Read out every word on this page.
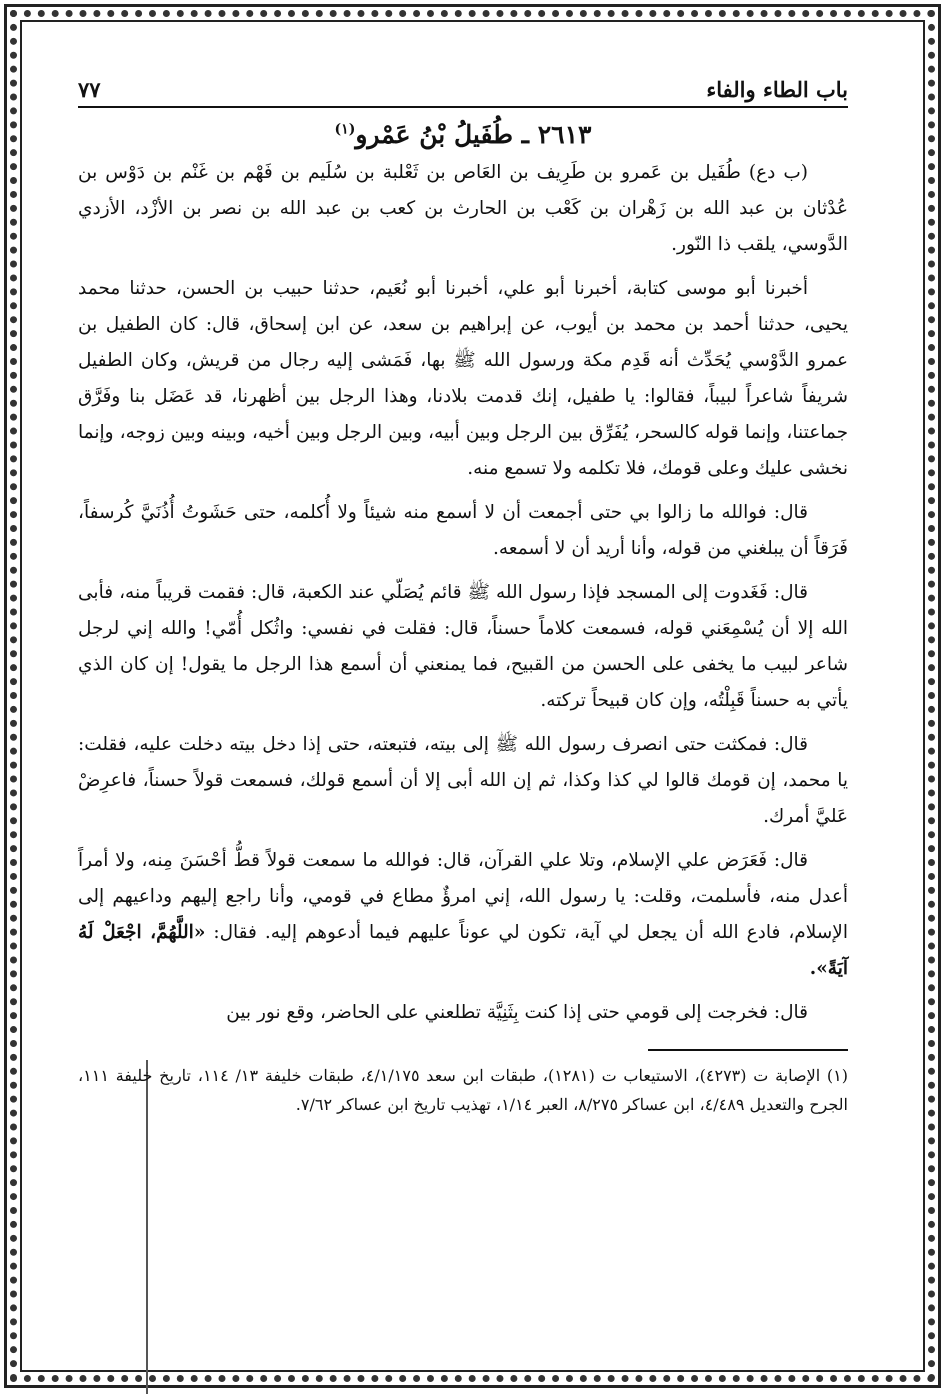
باب الطاء والفاء
٧٧
٢٦١٣ ـ طُفَيلُ بْنُ عَمْرو$^{(١)}$

(ب دع) طُفَيل بن عَمرو بن طَرِيف بن العَاص بن ثَعْلبة بن سُلَيم بن فَهْم بن غَنْم بن دَوْس بن عُدْثان بن عبد الله بن زَهْران بن كَعْب بن الحارث بن كعب بن عبد الله بن نصر بن الأزْد، الأزدي الدَّوسي، يلقب ذا النّور.

أخبرنا أبو موسى كتابة، أخبرنا أبو علي، أخبرنا أبو نُعَيم، حدثنا حبيب بن الحسن، حدثنا محمد يحيى، حدثنا أحمد بن محمد بن أيوب، عن إبراهيم بن سعد، عن ابن إسحاق، قال: كان الطفيل بن عمرو الدَّوْسي يُحَدِّث أنه قَدِم مكة ورسول الله ﷺ بها، فَمَشى إليه رجال من قريش، وكان الطفيل شريفاً شاعراً لبيباً، فقالوا: يا طفيل، إنك قدمت بلادنا، وهذا الرجل بين أظهرنا، قد عَضَل بنا وفَرَّق جماعتنا، وإنما قوله كالسحر، يُفَرِّق بين الرجل وبين أبيه، وبين الرجل وبين أخيه، وبينه وبين زوجه، وإنما نخشى عليك وعلى قومك، فلا تكلمه ولا تسمع منه.

قال: فوالله ما زالوا بي حتى أجمعت أن لا أسمع منه شيئاً ولا أُكلمه، حتى حَشَوتُ أُذُنَيَّ كُرسفاً، فَرَقاً أن يبلغني من قوله، وأنا أريد أن لا أسمعه.

قال: فَغَدوت إلى المسجد فإذا رسول الله ﷺ قائم يُصَلّي عند الكعبة، قال: فقمت قريباً منه، فأبى الله إلا أن يُسْمِعَني قوله، فسمعت كلاماً حسناً، قال: فقلت في نفسي: واثُكل أُمّي! والله إني لرجل شاعر لبيب ما يخفى على الحسن من القبيح، فما يمنعني أن أسمع هذا الرجل ما يقول! إن كان الذي يأتي به حسناً قَبِلْتُه، وإن كان قبيحاً تركته.

قال: فمكثت حتى انصرف رسول الله ﷺ إلى بيته، فتبعته، حتى إذا دخل بيته دخلت عليه، فقلت: يا محمد، إن قومك قالوا لي كذا وكذا، ثم إن الله أبى إلا أن أسمع قولك، فسمعت قولاً حسناً، فاعرِضْ عَليَّ أمرك.

قال: فَعَرَض علي الإسلام، وتلا علي القرآن، قال: فوالله ما سمعت قولاً قطُّ أحْسَنَ مِنه، ولا أمراً أعدل منه، فأسلمت، وقلت: يا رسول الله، إني امرؤٌ مطاع في قومي، وأنا راجع إليهم وداعيهم إلى الإسلام، فادع الله أن يجعل لي آية، تكون لي عوناً عليهم فيما أدعوهم إليه. فقال: «اللَّهُمَّ، اجْعَلْ لَهُ آيَةً».

قال: فخرجت إلى قومي حتى إذا كنت بِثَنِيَّة تطلعني على الحاضر، وقع نور بين

(١) الإصابة ت (٤٢٧٣)، الاستيعاب ت (١٢٨١)، طبقات ابن سعد ٤/١/١٧٥، طبقات خليفة ١٣/ ١١٤، تاريخ خليفة ١١١، الجرح والتعديل ٤/٤٨٩، ابن عساكر ٨/٢٧٥، العبر ١/١٤، تهذيب تاريخ ابن عساكر ٧/٦٢.
